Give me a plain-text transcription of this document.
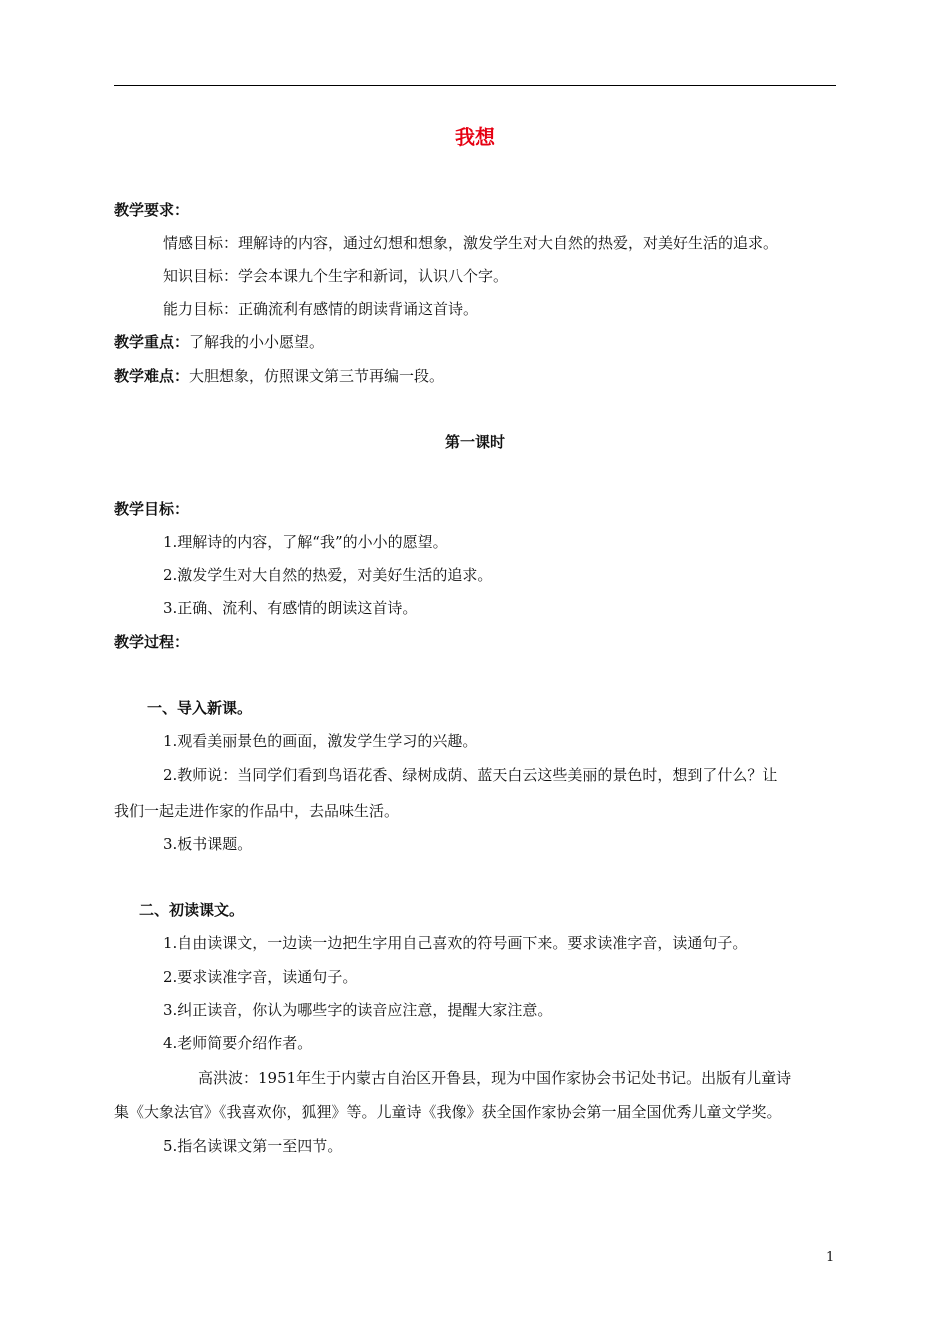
我想
教学要求：
情感目标：理解诗的内容，通过幻想和想象，激发学生对大自然的热爱，对美好生活的追求。
知识目标：学会本课九个生字和新词，认识八个字。
能力目标：正确流利有感情的朗读背诵这首诗。
教学重点：了解我的小小愿望。
教学难点：大胆想象，仿照课文第三节再编一段。
第一课时
教学目标：
1.理解诗的内容，了解“我”的小小的愿望。
2.激发学生对大自然的热爱，对美好生活的追求。
3.正确、流利、有感情的朗读这首诗。
教学过程：
一、导入新课。
1.观看美丽景色的画面，激发学生学习的兴趣。
2.教师说：当同学们看到鸟语花香、绿树成荫、蓝天白云这些美丽的景色时，想到了什么？让
我们一起走进作家的作品中，去品味生活。
3.板书课题。
二、初读课文。
1.自由读课文，一边读一边把生字用自己喜欢的符号画下来。要求读准字音，读通句子。
2.要求读准字音，读通句子。
3.纠正读音，你认为哪些字的读音应注意，提醒大家注意。
4.老师简要介绍作者。
高洪波：1951年生于内蒙古自治区开鲁县，现为中国作家协会书记处书记。出版有儿童诗
集《大象法官》《我喜欢你，狐狸》等。儿童诗《我像》获全国作家协会第一届全国优秀儿童文学奖。
5.指名读课文第一至四节。
1
